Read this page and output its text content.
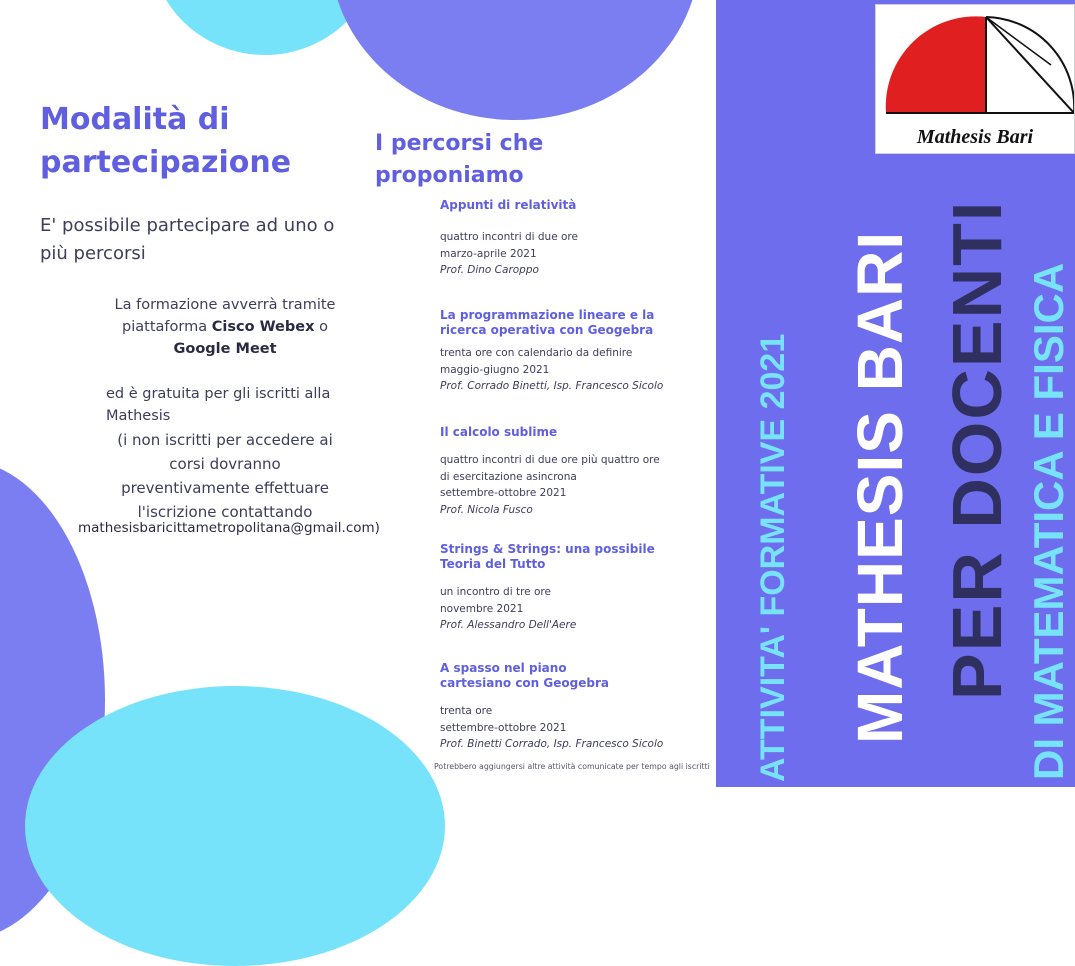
Modalità di partecipazione

E' possibile partecipare ad uno o più percorsi

La formazione avverrà tramite piattaforma Cisco Webex o
Google Meet

ed è gratuita per gli iscritti alla Mathesis

(i non iscritti per accedere ai corsi dovranno preventivamente effettuare l'iscrizione contattando

mathesisbaricittametropolitana@gmail.com)
I percorsi che proponiamo

Appunti di relatività

quattro incontri di due ore

marzo-aprile 2021

Prof. Dino Caroppo

La programmazione lineare e la ricerca operativa con Geogebra

trenta ore con calendario da definire

maggio-giugno 2021

Prof. Corrado Binetti, Isp. Francesco Sicolo

Il calcolo sublime

quattro incontri di due ore più quattro ore di esercitazione asincrona

settembre-ottobre 2021

Prof. Nicola Fusco

Strings & Strings: una possibile Teoria del Tutto

un incontro di tre ore

novembre 2021

Prof. Alessandro Dell'Aere

A spasso nel piano cartesiano con Geogebra

trenta ore

settembre-ottobre 2021

Prof. Binetti Corrado, Isp. Francesco Sicolo

Potrebbero aggiungersi altre attività comunicate per tempo agli iscritti
Mathesis Bari
ATTIVITA' FORMATIVE 2021 MATHESIS BARI PER DOCENTI DI MATEMATICA E FISICA
